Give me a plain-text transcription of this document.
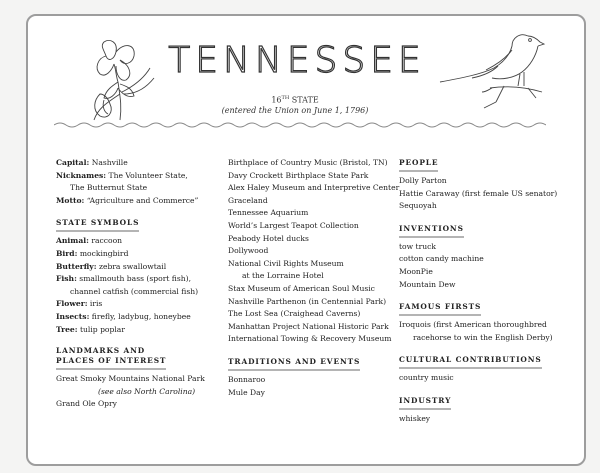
TENNESSEE
16TH STATE
(entered the Union on June 1, 1796)
Capital: Nashville
Nicknames: The Volunteer State,
The Butternut State
Motto: “Agriculture and Commerce”
STATE SYMBOLS
Animal: raccoon
Bird: mockingbird
Butterfly: zebra swallowtail
Fish: smallmouth bass (sport fish),
channel catfish (commercial fish)
Flower: iris
Insects: firefly, ladybug, honeybee
Tree: tulip poplar
LANDMARKS AND
PLACES OF INTEREST
Great Smoky Mountains National Park
(see also North Carolina)
Grand Ole Opry
Birthplace of Country Music (Bristol, TN)
Davy Crockett Birthplace State Park
Alex Haley Museum and Interpretive Center
Graceland
Tennessee Aquarium
World’s Largest Teapot Collection
Peabody Hotel ducks
Dollywood
National Civil Rights Museum
at the Lorraine Hotel
Stax Museum of American Soul Music
Nashville Parthenon (in Centennial Park)
The Lost Sea (Craighead Caverns)
Manhattan Project National Historic Park
International Towing & Recovery Museum
TRADITIONS AND EVENTS
Bonnaroo
Mule Day
PEOPLE
Dolly Parton
Hattie Caraway (first female US senator)
Sequoyah
INVENTIONS
tow truck
cotton candy machine
MoonPie
Mountain Dew
FAMOUS FIRSTS
Iroquois (first American thoroughbred
racehorse to win the English Derby)
CULTURAL CONTRIBUTIONS
country music
INDUSTRY
whiskey
